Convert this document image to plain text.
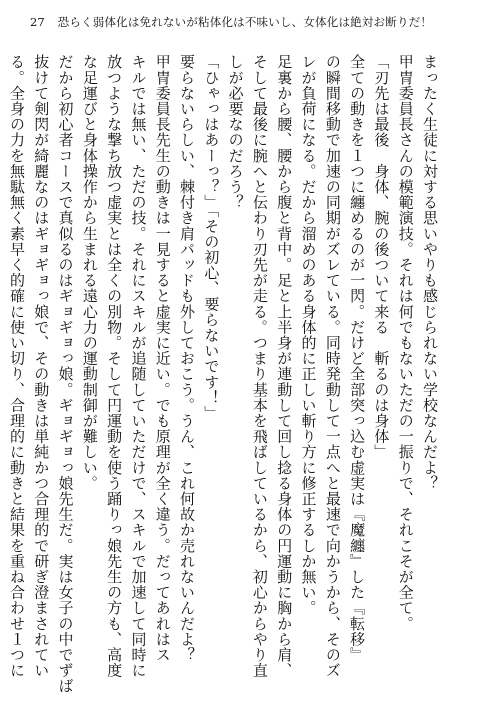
27 恐らく弱体化は免れないが粘体化は不味いし、女体化は絶対お断りだ！
まったく生徒に対する思いやりも感じられない学校なんだよ？
甲冑委員長さんの模範演技。それは何でもないただの一振りで、それこそが全て。
「刃先は最後　身体、腕の後ついて来る　斬るのは身体」
全ての動きを１つに纏めるのが一閃。だけど全部突っ込む虚実は『魔纏』した『転移』
の瞬間移動で加速の同期がズレている。同時発動して一点へと最速で向かうから、そのズ
レが負荷になる。だから溜めのある身体的に正しい斬り方に修正するしか無い。
足裏から腰、腰から腹と背中。足と上半身が連動して回し捻る身体の円運動に胸から肩、
そして最後に腕へと伝わり刃先が走る。つまり基本を飛ばしているから、初心からやり直
しが必要なのだろう？
「ひゃっはあーっ？」「その初心、要らないです！」
要らないらしい、棘付き肩パッドも外しておこう。うん、これ何故か売れないんだよ？
甲冑委員長先生の動きは一見すると虚実に近い。でも原理が全く違う。だってあれはス
キルでは無い、ただの技。それにスキルが追随していただけで、スキルで加速して同時に
放つような撃ち放つ虚実とは全くの別物。そして円運動を使う踊りっ娘先生の方も、高度
な足運びと身体操作から生まれる遠心力の運動制御が難しい。
だから初心者コースで真似るのはギョギョっ娘。ギョギョっ娘先生だ。実は女子の中でずば
抜けて剣閃が綺麗なのはギョギョっ娘で、その動きは単純かつ合理的で研ぎ澄まされてい
る。全身の力を無駄無く素早く的確に使い切り、合理的に動きと結果を重ね合わせ１つに
